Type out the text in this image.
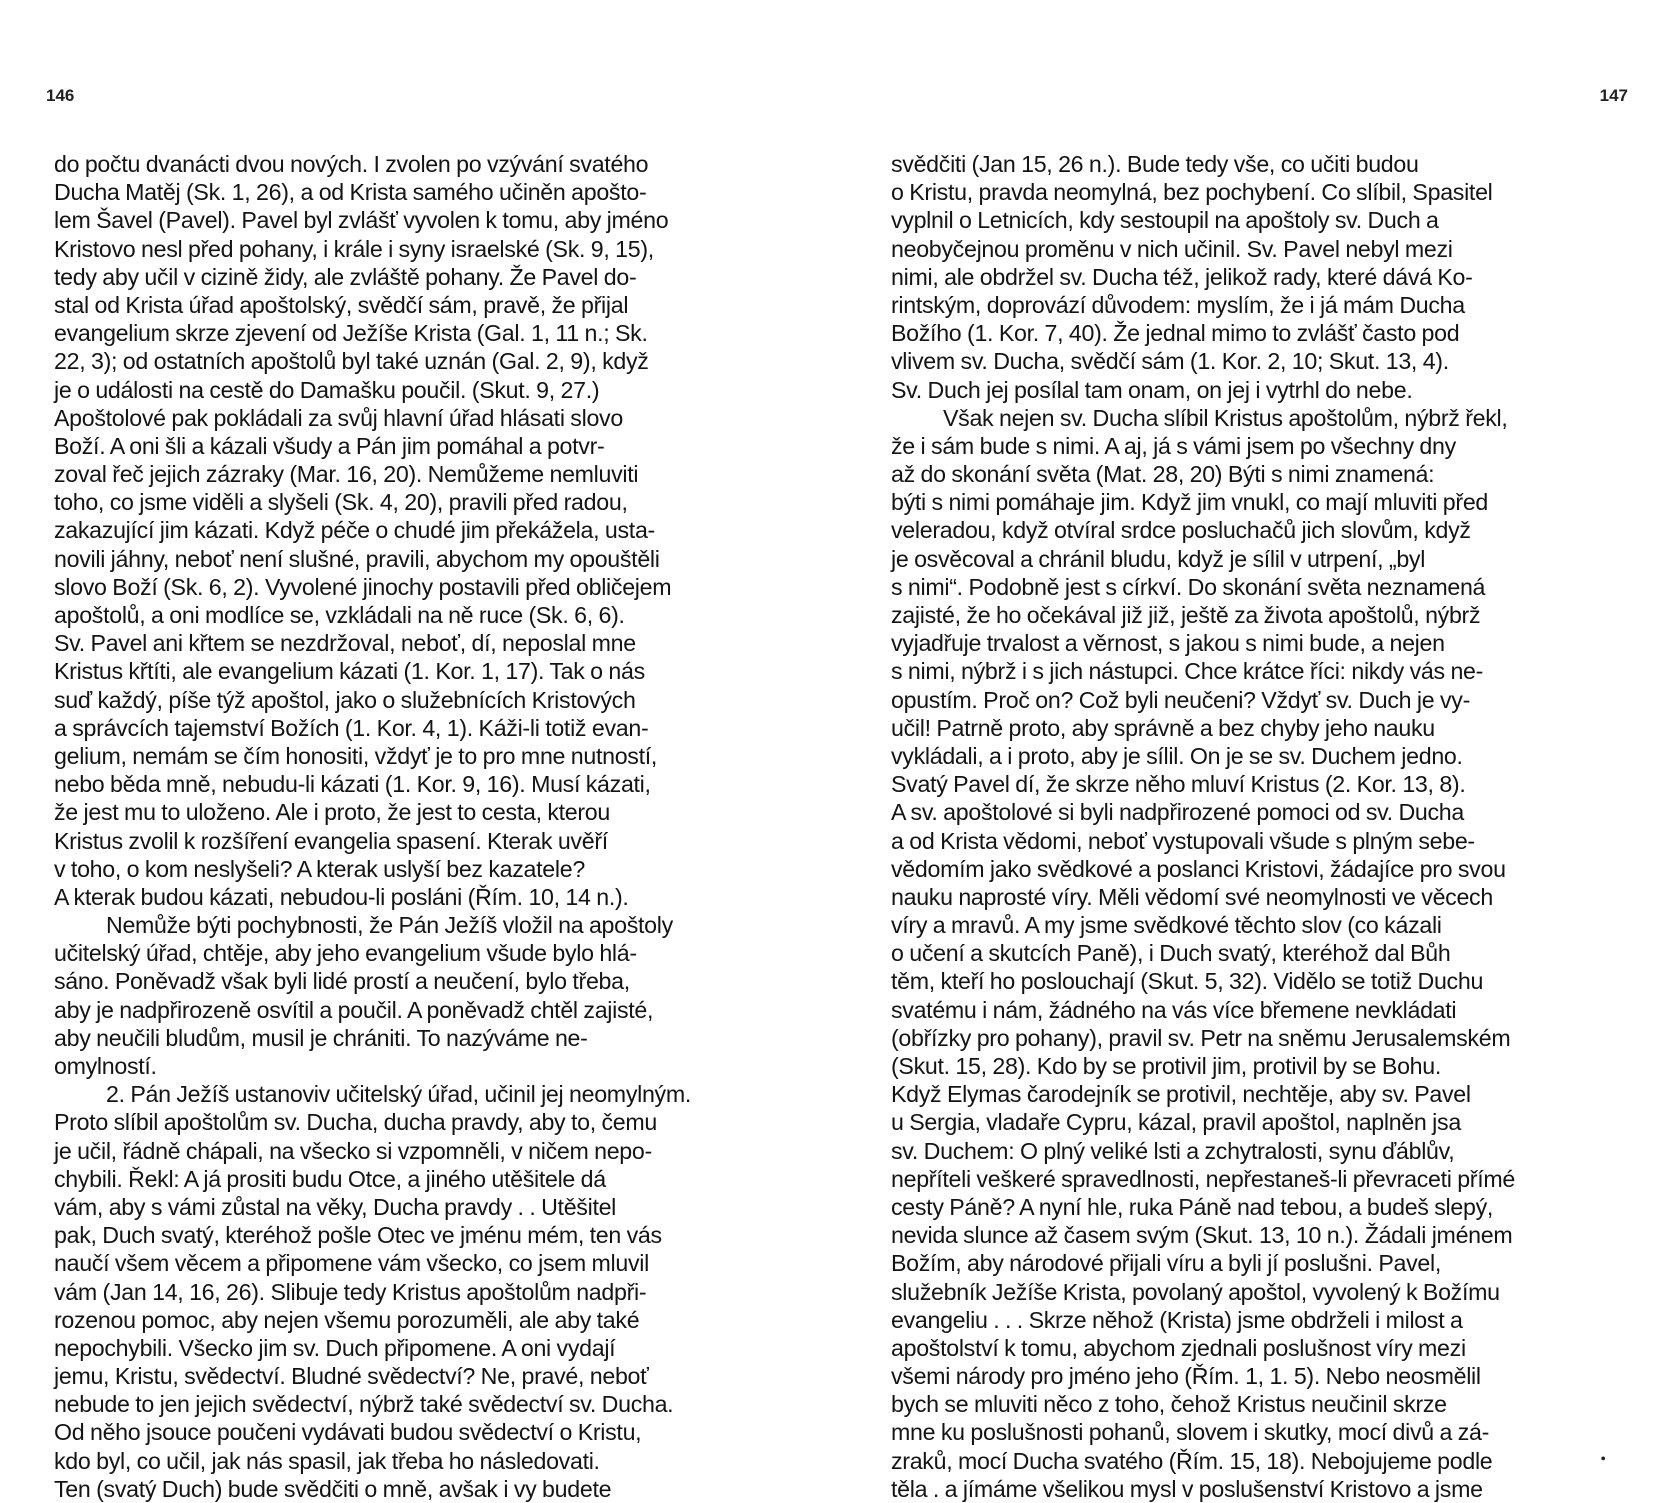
146
do počtu dvanácti dvou nových. I zvolen po vzývání svatého
Ducha Matěj (Sk. 1, 26), a od Krista samého učiněn apošto-
lem Šavel (Pavel). Pavel byl zvlášť vyvolen k tomu, aby jméno
Kristovo nesl před pohany, i krále i syny israelské (Sk. 9, 15),
tedy aby učil v cizině židy, ale zvláště pohany. Že Pavel do-
stal od Krista úřad apoštolský, svědčí sám, pravě, že přijal
evangelium skrze zjevení od Ježíše Krista (Gal. 1, 11 n.; Sk.
22, 3); od ostatních apoštolů byl také uznán (Gal. 2, 9), když
je o události na cestě do Damašku poučil. (Skut. 9, 27.)
Apoštolové pak pokládali za svůj hlavní úřad hlásati slovo
Boží. A oni šli a kázali všudy a Pán jim pomáhal a potvr-
zoval řeč jejich zázraky (Mar. 16, 20). Nemůžeme nemluviti
toho, co jsme viděli a slyšeli (Sk. 4, 20), pravili před radou,
zakazující jim kázati. Když péče o chudé jim překážela, usta-
novili jáhny, neboť není slušné, pravili, abychom my opouštěli
slovo Boží (Sk. 6, 2). Vyvolené jinochy postavili před obličejem
apoštolů, a oni modlíce se, vzkládali na ně ruce (Sk. 6, 6).
Sv. Pavel ani křtem se nezdržoval, neboť, dí, neposlal mne
Kristus křtíti, ale evangelium kázati (1. Kor. 1, 17). Tak o nás
suď každý, píše týž apoštol, jako o služebnících Kristových
a správcích tajemství Božích (1. Kor. 4, 1). Káži-li totiž evan-
gelium, nemám se čím honositi, vždyť je to pro mne nutností,
nebo běda mně, nebudu-li kázati (1. Kor. 9, 16). Musí kázati,
že jest mu to uloženo. Ale i proto, že jest to cesta, kterou
Kristus zvolil k rozšíření evangelia spasení. Kterak uvěří
v toho, o kom neslyšeli? A kterak uslyší bez kazatele?
A kterak budou kázati, nebudou-li posláni (Řím. 10, 14 n.).
Nemůže býti pochybnosti, že Pán Ježíš vložil na apoštoly
učitelský úřad, chtěje, aby jeho evangelium všude bylo hlá-
sáno. Poněvadž však byli lidé prostí a neučení, bylo třeba,
aby je nadpřirozeně osvítil a poučil. A poněvadž chtěl zajisté,
aby neučili bludům, musil je chrániti. To nazýváme ne-
omylností.
2. Pán Ježíš ustanoviv učitelský úřad, učinil jej neomylným.
Proto slíbil apoštolům sv. Ducha, ducha pravdy, aby to, čemu
je učil, řádně chápali, na všecko si vzpomněli, v ničem nepo-
chybili. Řekl: A já prositi budu Otce, a jiného utěšitele dá
vám, aby s vámi zůstal na věky, Ducha pravdy . . Utěšitel
pak, Duch svatý, kteréhož pošle Otec ve jménu mém, ten vás
naučí všem věcem a připomene vám všecko, co jsem mluvil
vám (Jan 14, 16, 26). Slibuje tedy Kristus apoštolům nadpři-
rozenou pomoc, aby nejen všemu porozuměli, ale aby také
nepochybili. Všecko jim sv. Duch připomene. A oni vydají
jemu, Kristu, svědectví. Bludné svědectví? Ne, pravé, neboť
nebude to jen jejich svědectví, nýbrž také svědectví sv. Ducha.
Od něho jsouce poučeni vydávati budou svědectví o Kristu,
kdo byl, co učil, jak nás spasil, jak třeba ho následovati.
Ten (svatý Duch) bude svědčiti o mně, avšak i vy budete
147
svědčiti (Jan 15, 26 n.). Bude tedy vše, co učiti budou
o Kristu, pravda neomylná, bez pochybení. Co slíbil, Spasitel
vyplnil o Letnicích, kdy sestoupil na apoštoly sv. Duch a
neobyčejnou proměnu v nich učinil. Sv. Pavel nebyl mezi
nimi, ale obdržel sv. Ducha též, jelikož rady, které dává Ko-
rintským, doprovází důvodem: myslím, že i já mám Ducha
Božího (1. Kor. 7, 40). Že jednal mimo to zvlášť často pod
vlivem sv. Ducha, svědčí sám (1. Kor. 2, 10; Skut. 13, 4).
Sv. Duch jej posílal tam onam, on jej i vytrhl do nebe.
Však nejen sv. Ducha slíbil Kristus apoštolům, nýbrž řekl,
že i sám bude s nimi. A aj, já s vámi jsem po všechny dny
až do skonání světa (Mat. 28, 20) Býti s nimi znamená:
býti s nimi pomáhaje jim. Když jim vnukl, co mají mluviti před
veleradou, když otvíral srdce posluchačů jich slovům, když
je osvěcoval a chránil bludu, když je sílil v utrpení, „byl
s nimi“. Podobně jest s církví. Do skonání světa neznamená
zajisté, že ho očekával již již, ještě za života apoštolů, nýbrž
vyjadřuje trvalost a věrnost, s jakou s nimi bude, a nejen
s nimi, nýbrž i s jich nástupci. Chce krátce říci: nikdy vás ne-
opustím. Proč on? Což byli neučeni? Vždyť sv. Duch je vy-
učil! Patrně proto, aby správně a bez chyby jeho nauku
vykládali, a i proto, aby je sílil. On je se sv. Duchem jedno.
Svatý Pavel dí, že skrze něho mluví Kristus (2. Kor. 13, 8).
A sv. apoštolové si byli nadpřirozené pomoci od sv. Ducha
a od Krista vědomi, neboť vystupovali všude s plným sebe-
vědomím jako svědkové a poslanci Kristovi, žádajíce pro svou
nauku naprosté víry. Měli vědomí své neomylnosti ve věcech
víry a mravů. A my jsme svědkové těchto slov (co kázali
o učení a skutcích Paně), i Duch svatý, kteréhož dal Bůh
těm, kteří ho poslouchají (Skut. 5, 32). Vidělo se totiž Duchu
svatému i nám, žádného na vás více břemene nevkládati
(obřízky pro pohany), pravil sv. Petr na sněmu Jerusalemském
(Skut. 15, 28). Kdo by se protivil jim, protivil by se Bohu.
Když Elymas čarodejník se protivil, nechtěje, aby sv. Pavel
u Sergia, vladaře Cypru, kázal, pravil apoštol, naplněn jsa
sv. Duchem: O plný veliké lsti a zchytralosti, synu ďáblův,
nepříteli veškeré spravedlnosti, nepřestaneš-li převraceti přímé
cesty Páně? A nyní hle, ruka Páně nad tebou, a budeš slepý,
nevida slunce až časem svým (Skut. 13, 10 n.). Žádali jménem
Božím, aby národové přijali víru a byli jí poslušni. Pavel,
služebník Ježíše Krista, povolaný apoštol, vyvolený k Božímu
evangeliu . . . Skrze něhož (Krista) jsme obdrželi i milost a
apoštolství k tomu, abychom zjednali poslušnost víry mezi
všemi národy pro jméno jeho (Řím. 1, 1. 5). Nebo neosmělil
bych se mluviti něco z toho, čehož Kristus neučinil skrze
mne ku poslušnosti pohanů, slovem i skutky, mocí divů a zá-
zraků, mocí Ducha svatého (Řím. 15, 18). Nebojujeme podle
těla . a jímáme všelikou mysl v poslušenství Kristovo a jsme
•
